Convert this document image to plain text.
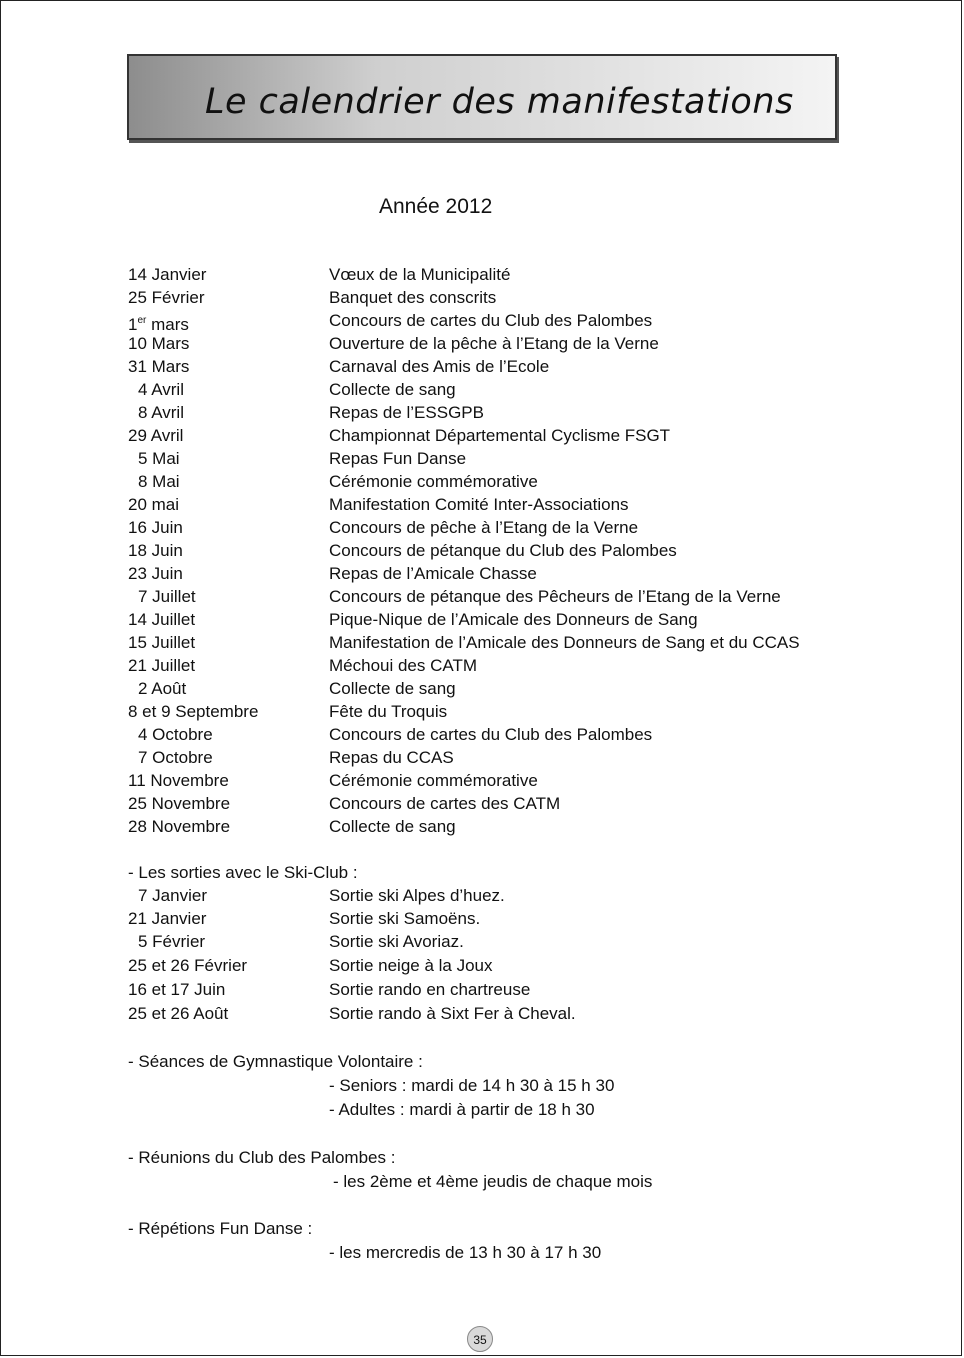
Le calendrier des manifestations
Année 2012
14 Janvier	Vœux de la Municipalité
25 Février	Banquet des conscrits
1er mars	Concours de cartes du Club des Palombes
10 Mars	Ouverture de la pêche à l’Etang de la Verne
31 Mars	Carnaval des Amis de l’Ecole
4 Avril	Collecte de sang
8 Avril	Repas de l’ESSGPB
29 Avril	Championnat Départemental Cyclisme FSGT
5 Mai	Repas Fun Danse
8 Mai	Cérémonie commémorative
20 mai	Manifestation Comité Inter-Associations
16 Juin	Concours de pêche à l’Etang de la Verne
18 Juin	Concours de pétanque du Club des Palombes
23 Juin	Repas de l’Amicale Chasse
7 Juillet	Concours de pétanque des Pêcheurs de l’Etang de la Verne
14 Juillet	Pique-Nique de l’Amicale des Donneurs de Sang
15 Juillet	Manifestation de l’Amicale des Donneurs de Sang et du CCAS
21 Juillet	Méchoui des CATM
2 Août	Collecte de sang
8 et 9 Septembre	Fête du Troquis
4 Octobre	Concours de cartes du Club des Palombes
7 Octobre	Repas du CCAS
11 Novembre	Cérémonie commémorative
25 Novembre	Concours de cartes des CATM
28 Novembre	Collecte de sang
- Les sorties avec le Ski-Club :
7 Janvier	Sortie ski Alpes d’huez.
21 Janvier	Sortie ski Samoëns.
5 Février	Sortie ski Avoriaz.
25 et 26 Février	Sortie neige à la Joux
16 et 17 Juin	Sortie rando en chartreuse
25 et 26 Août	Sortie rando à Sixt Fer à Cheval.
- Séances de Gymnastique Volontaire :
- Seniors : mardi de 14 h 30 à 15 h 30
- Adultes : mardi à partir de 18 h 30
- Réunions du Club des Palombes :
- les 2ème et 4ème jeudis de chaque mois
- Répétions Fun Danse :
- les mercredis de 13 h 30 à 17 h 30
35
